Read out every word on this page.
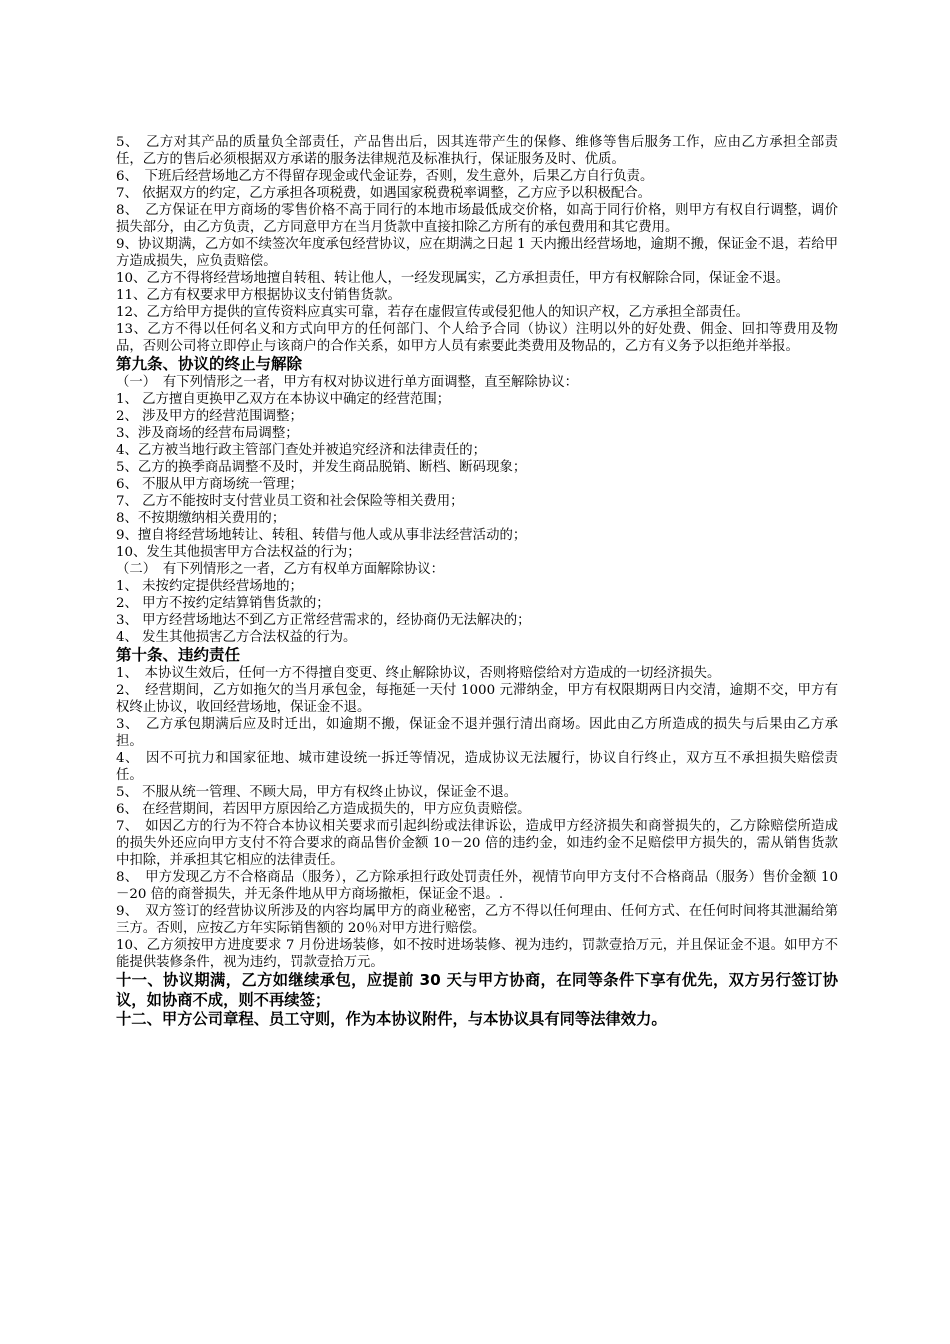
5、　乙方对其产品的质量负全部责任，产品售出后，因其连带产生的保修、维修等售后服务工作，应由乙方承担全部责任，乙方的售后必须根据双方承诺的服务法律规范及标准执行，保证服务及时、优质。

6、　下班后经营场地乙方不得留存现金或代金证券，否则，发生意外，后果乙方自行负责。

7、 依据双方的约定，乙方承担各项税费，如遇国家税费税率调整，乙方应予以积极配合。

8、　乙方保证在甲方商场的零售价格不高于同行的本地市场最低成交价格，如高于同行价格，则甲方有权自行调整，调价损失部分，由乙方负责，乙方同意甲方在当月货款中直接扣除乙方所有的承包费用和其它费用。

9、协议期满，乙方如不续签次年度承包经营协议，应在期满之日起 1 天内搬出经营场地，逾期不搬，保证金不退，若给甲方造成损失，应负责赔偿。

10、乙方不得将经营场地擅自转租、转让他人，一经发现属实，乙方承担责任，甲方有权解除合同，保证金不退。

11、乙方有权要求甲方根据协议支付销售货款。

12、乙方给甲方提供的宣传资料应真实可靠，若存在虚假宣传或侵犯他人的知识产权，乙方承担全部责任。

13、乙方不得以任何名义和方式向甲方的任何部门、个人给予合同（协议）注明以外的好处费、佣金、回扣等费用及物品，否则公司将立即停止与该商户的合作关系，如甲方人员有索要此类费用及物品的，乙方有义务予以拒绝并举报。

第九条、协议的终止与解除

（一）　有下列情形之一者，甲方有权对协议进行单方面调整，直至解除协议：

1、 乙方擅自更换甲乙双方在本协议中确定的经营范围；

2、 涉及甲方的经营范围调整；

3、涉及商场的经营布局调整；

4、乙方被当地行政主管部门查处并被追究经济和法律责任的；

5、乙方的换季商品调整不及时，并发生商品脱销、断档、断码现象；

6、 不服从甲方商场统一管理；

7、 乙方不能按时支付营业员工资和社会保险等相关费用；

8、不按期缴纳相关费用的；

9、擅自将经营场地转让、转租、转借与他人或从事非法经营活动的；

10、发生其他损害甲方合法权益的行为；

（二）　有下列情形之一者，乙方有权单方面解除协议：

1、 未按约定提供经营场地的；

2、 甲方不按约定结算销售货款的；

3、 甲方经营场地达不到乙方正常经营需求的，经协商仍无法解决的；

4、 发生其他损害乙方合法权益的行为。

第十条、违约责任

1、　本协议生效后，任何一方不得擅自变更、终止解除协议，否则将赔偿给对方造成的一切经济损失。

2、　经营期间，乙方如拖欠的当月承包金，每拖延一天付 1000 元滞纳金，甲方有权限期两日内交清，逾期不交，甲方有权终止协议，收回经营场地，保证金不退。

3、　乙方承包期满后应及时迁出，如逾期不搬，保证金不退并强行清出商场。因此由乙方所造成的损失与后果由乙方承担。

4、　因不可抗力和国家征地、城市建设统一拆迁等情况，造成协议无法履行，协议自行终止，双方互不承担损失赔偿责任。

5、 不服从统一管理、不顾大局，甲方有权终止协议，保证金不退。

6、 在经营期间，若因甲方原因给乙方造成损失的，甲方应负责赔偿。

7、　如因乙方的行为不符合本协议相关要求而引起纠纷或法律诉讼，造成甲方经济损失和商誉损失的，乙方除赔偿所造成的损失外还应向甲方支付不符合要求的商品售价金额 10－20 倍的违约金，如违约金不足赔偿甲方损失的，需从销售货款中扣除，并承担其它相应的法律责任。

8、　甲方发现乙方不合格商品（服务），乙方除承担行政处罚责任外，视情节向甲方支付不合格商品（服务）售价金额 10－20 倍的商誉损失，并无条件地从甲方商场撤柜，保证金不退。.

9、　双方签订的经营协议所涉及的内容均属甲方的商业秘密，乙方不得以任何理由、任何方式、在任何时间将其泄漏给第三方。否则，应按乙方年实际销售额的 20％对甲方进行赔偿。

10、乙方须按甲方进度要求 7 月份进场装修，如不按时进场装修、视为违约，罚款壹拾万元，并且保证金不退。如甲方不能提供装修条件，视为违约，罚款壹拾万元。

十一、协议期满，乙方如继续承包，应提前 30 天与甲方协商，在同等条件下享有优先，双方另行签订协议，如协商不成，则不再续签；

十二、甲方公司章程、员工守则，作为本协议附件，与本协议具有同等法律效力。
